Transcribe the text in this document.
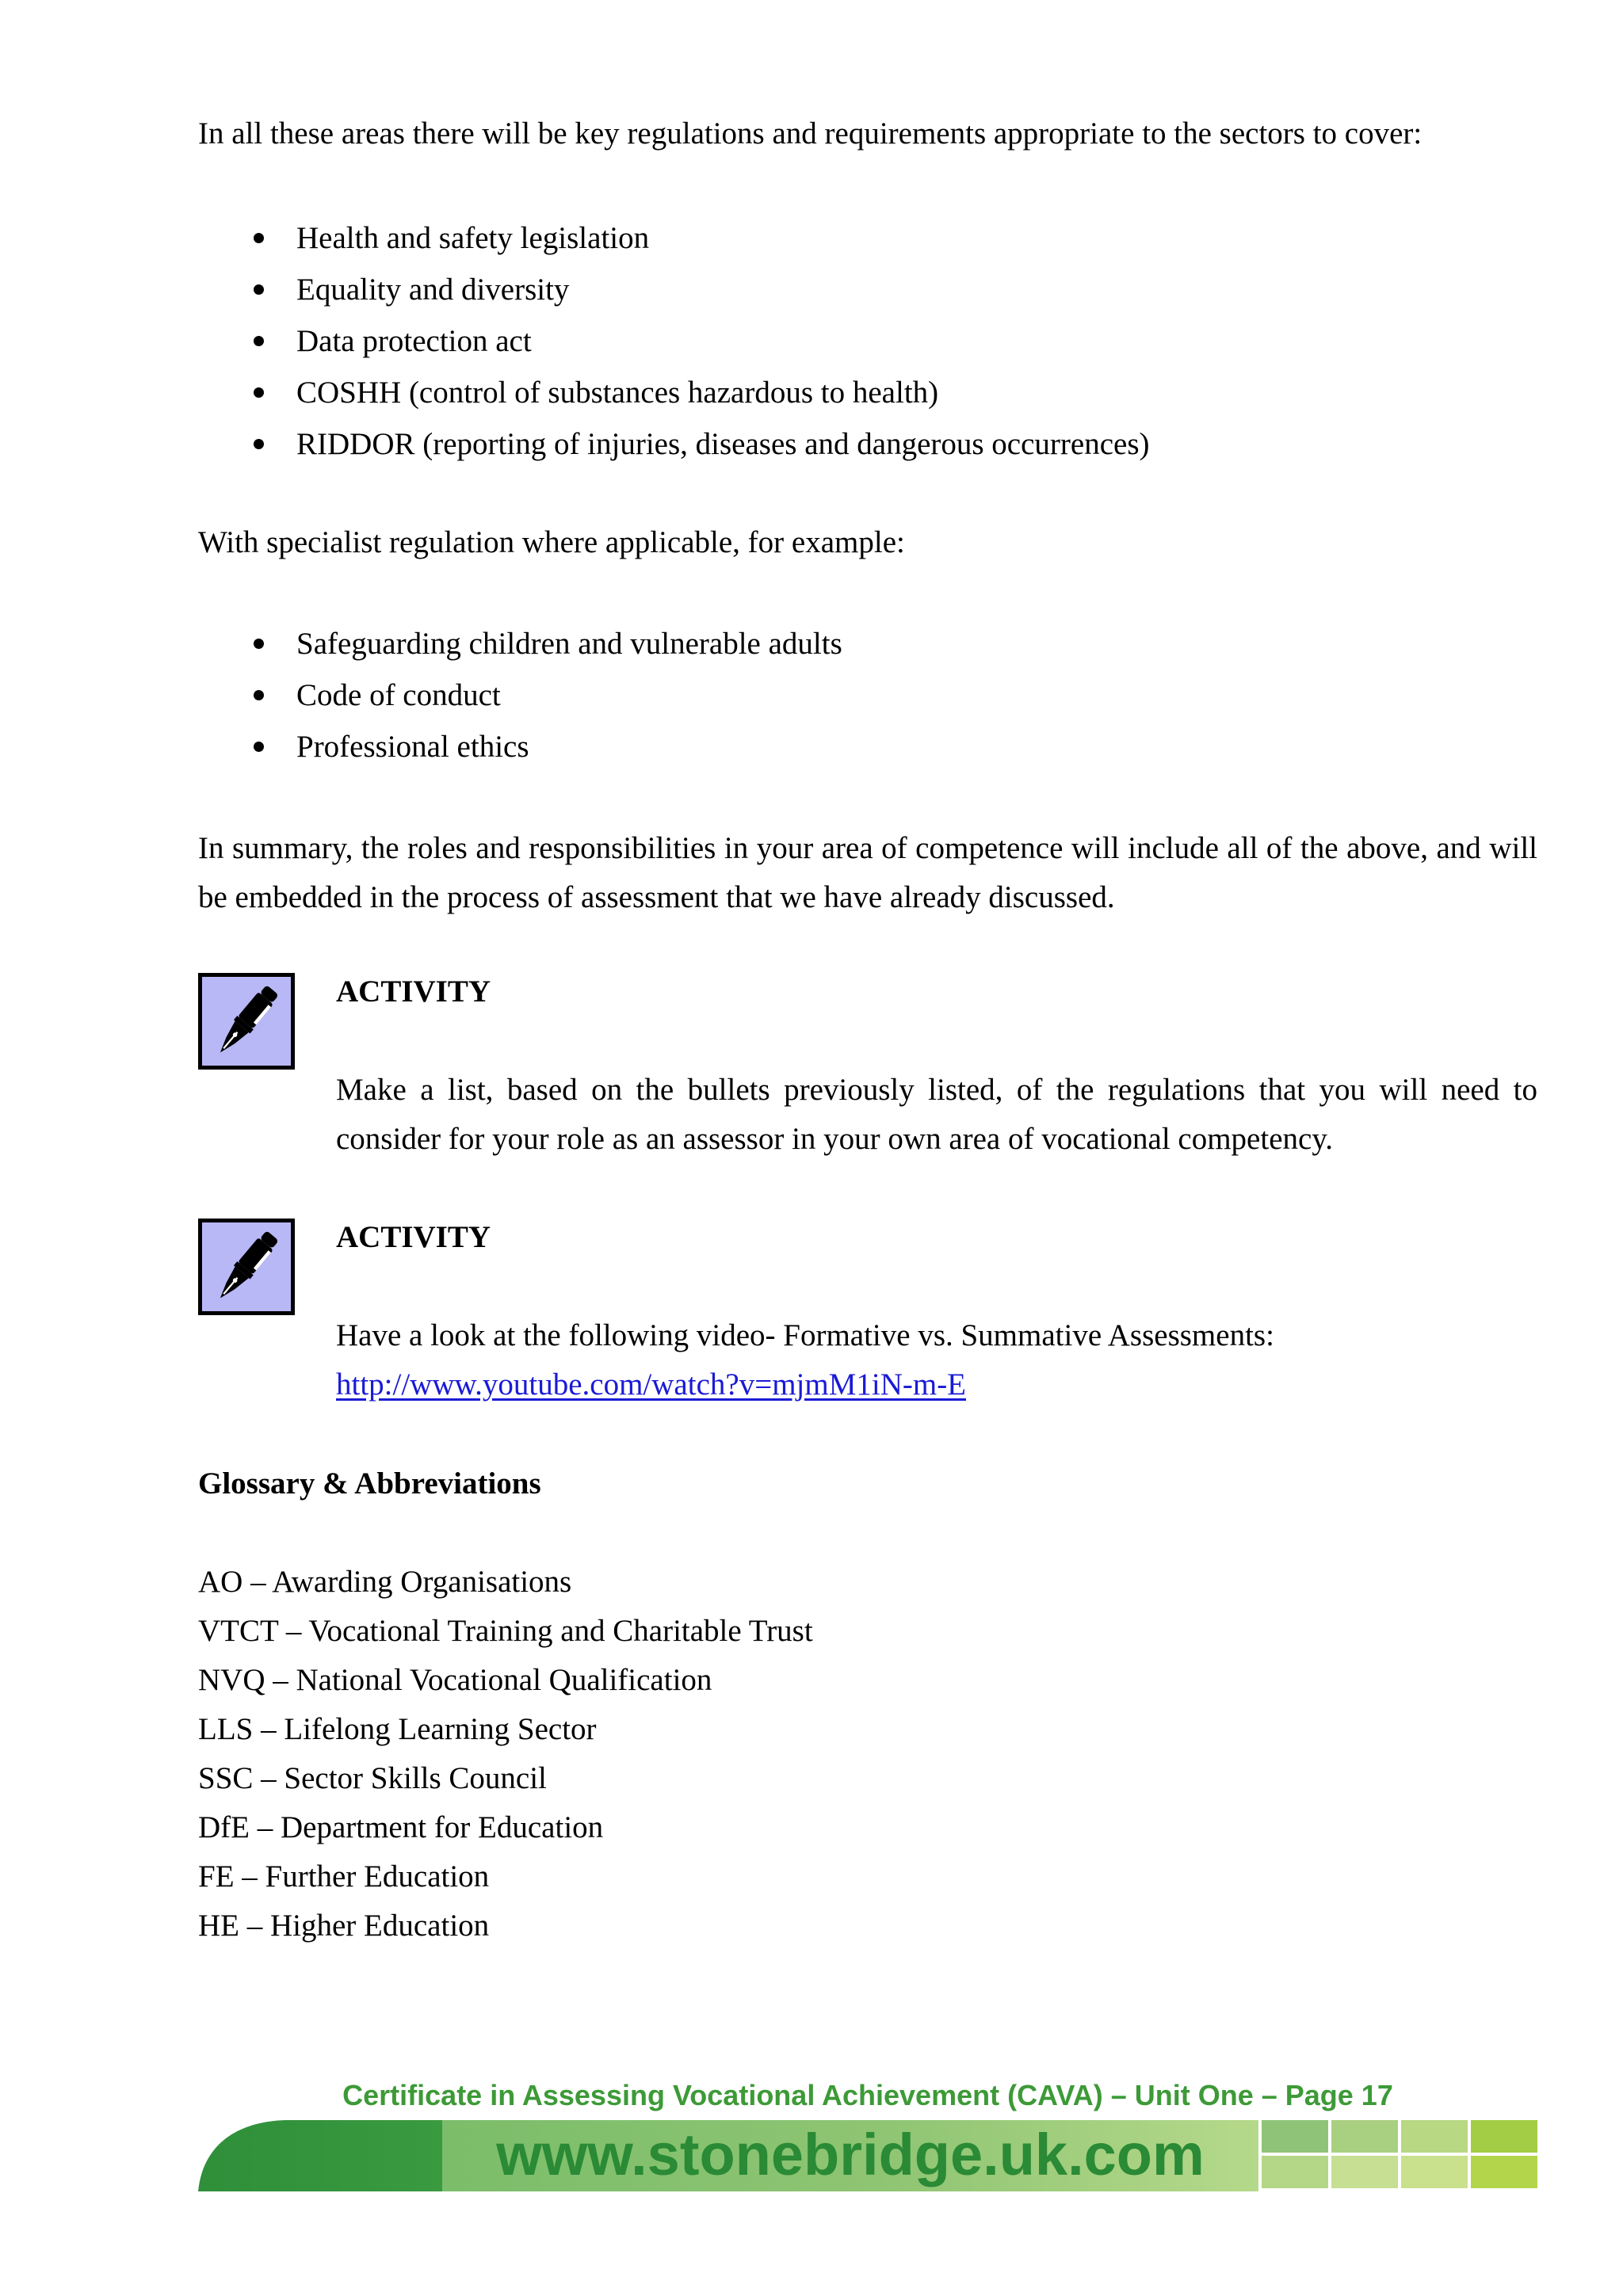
In all these areas there will be key regulations and requirements appropriate to the sectors to cover:

Health and safety legislation
Equality and diversity
Data protection act
COSHH (control of substances hazardous to health)
RIDDOR (reporting of injuries, diseases and dangerous occurrences)

With specialist regulation where applicable, for example:

Safeguarding children and vulnerable adults
Code of conduct
Professional ethics

In summary, the roles and responsibilities in your area of competence will include all of the above, and will be embedded in the process of assessment that we have already discussed.

ACTIVITY

Make a list, based on the bullets previously listed, of the regulations that you will need to consider for your role as an assessor in your own area of vocational competency.

ACTIVITY

Have a look at the following video- Formative vs. Summative Assessments:
http://www.youtube.com/watch?v=mjmM1iN-m-E

Glossary & Abbreviations

AO – Awarding Organisations
VTCT – Vocational Training and Charitable Trust
NVQ – National Vocational Qualification
LLS – Lifelong Learning Sector
SSC – Sector Skills Council
DfE – Department for Education
FE – Further Education
HE – Higher Education
Certificate in Assessing Vocational Achievement (CAVA) – Unit One – Page 17
www.stonebridge.uk.com
